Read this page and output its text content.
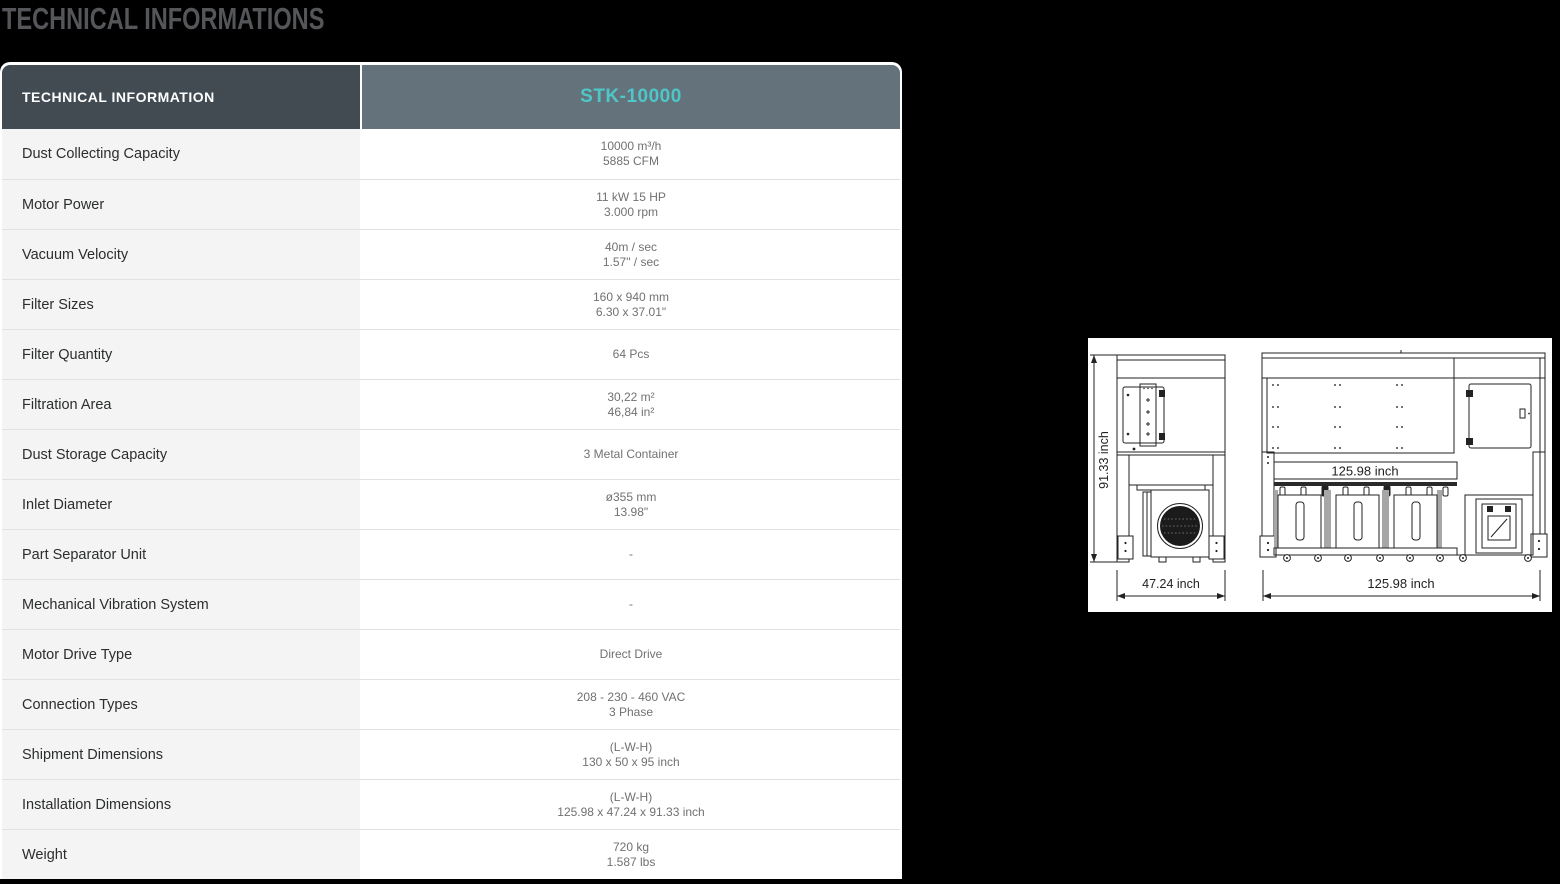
TECHNICAL INFORMATIONS
TECHNICAL INFORMATION	STK-10000
Dust Collecting Capacity	10000 m³/h
5885 CFM
Motor Power	11 kW 15 HP
3.000 rpm
Vacuum Velocity	40m / sec
1.57" / sec
Filter Sizes	160 x 940 mm
6.30 x 37.01"
Filter Quantity	64 Pcs
Filtration Area	30,22 m²
46,84 in²
Dust Storage Capacity	3 Metal Container
Inlet Diameter	ø355 mm
13.98"
Part Separator Unit	-
Mechanical Vibration System	-
Motor Drive Type	Direct Drive
Connection Types	208 - 230 - 460 VAC
3 Phase
Shipment Dimensions	(L-W-H)
130 x 50 x 95 inch
Installation Dimensions	(L-W-H)
125.98 x 47.24 x 91.33 inch
Weight	720 kg
1.587 lbs
91.33 inch
47.24 inch
125.98 inch
125.98 inch
